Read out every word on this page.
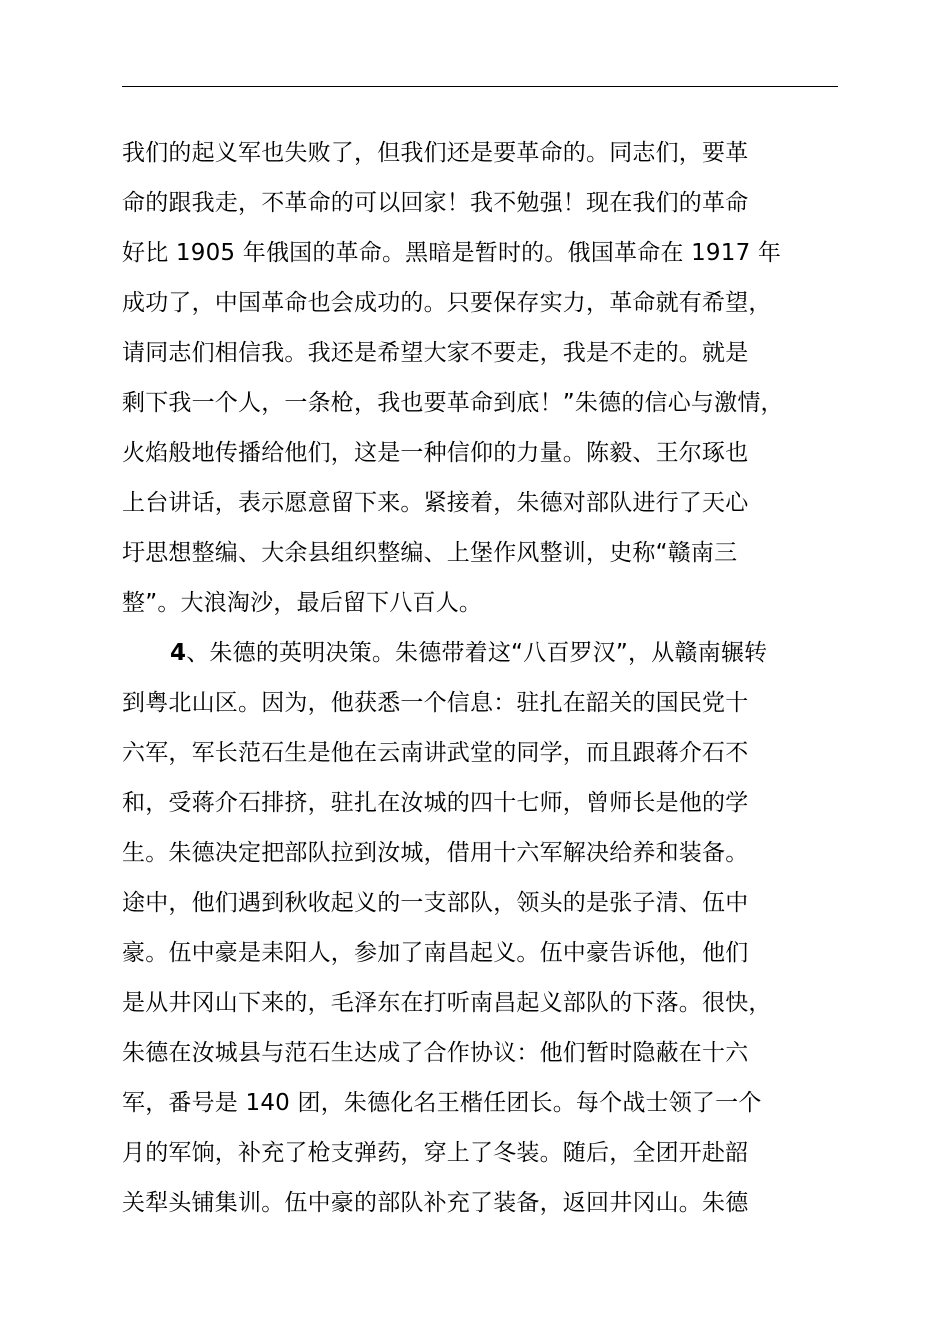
我们的起义军也失败了，但我们还是要革命的。同志们，要革
命的跟我走，不革命的可以回家！我不勉强！现在我们的革命
好比 1905 年俄国的革命。黑暗是暂时的。俄国革命在 1917 年
成功了，中国革命也会成功的。只要保存实力，革命就有希望，
请同志们相信我。我还是希望大家不要走，我是不走的。就是
剩下我一个人，一条枪，我也要革命到底！”朱德的信心与激情，
火焰般地传播给他们，这是一种信仰的力量。陈毅、王尔琢也
上台讲话，表示愿意留下来。紧接着，朱德对部队进行了天心
圩思想整编、大余县组织整编、上堡作风整训，史称“赣南三
整”。大浪淘沙，最后留下八百人。
4、朱德的英明决策。朱德带着这“八百罗汉”，从赣南辗转
到粤北山区。因为，他获悉一个信息：驻扎在韶关的国民党十
六军，军长范石生是他在云南讲武堂的同学，而且跟蒋介石不
和，受蒋介石排挤，驻扎在汝城的四十七师，曾师长是他的学
生。朱德决定把部队拉到汝城，借用十六军解决给养和装备。
途中，他们遇到秋收起义的一支部队，领头的是张子清、伍中
豪。伍中豪是耒阳人，参加了南昌起义。伍中豪告诉他，他们
是从井冈山下来的，毛泽东在打听南昌起义部队的下落。很快，
朱德在汝城县与范石生达成了合作协议：他们暂时隐蔽在十六
军，番号是 140 团，朱德化名王楷任团长。每个战士领了一个
月的军饷，补充了枪支弹药，穿上了冬装。随后，全团开赴韶
关犁头铺集训。伍中豪的部队补充了装备，返回井冈山。朱德
